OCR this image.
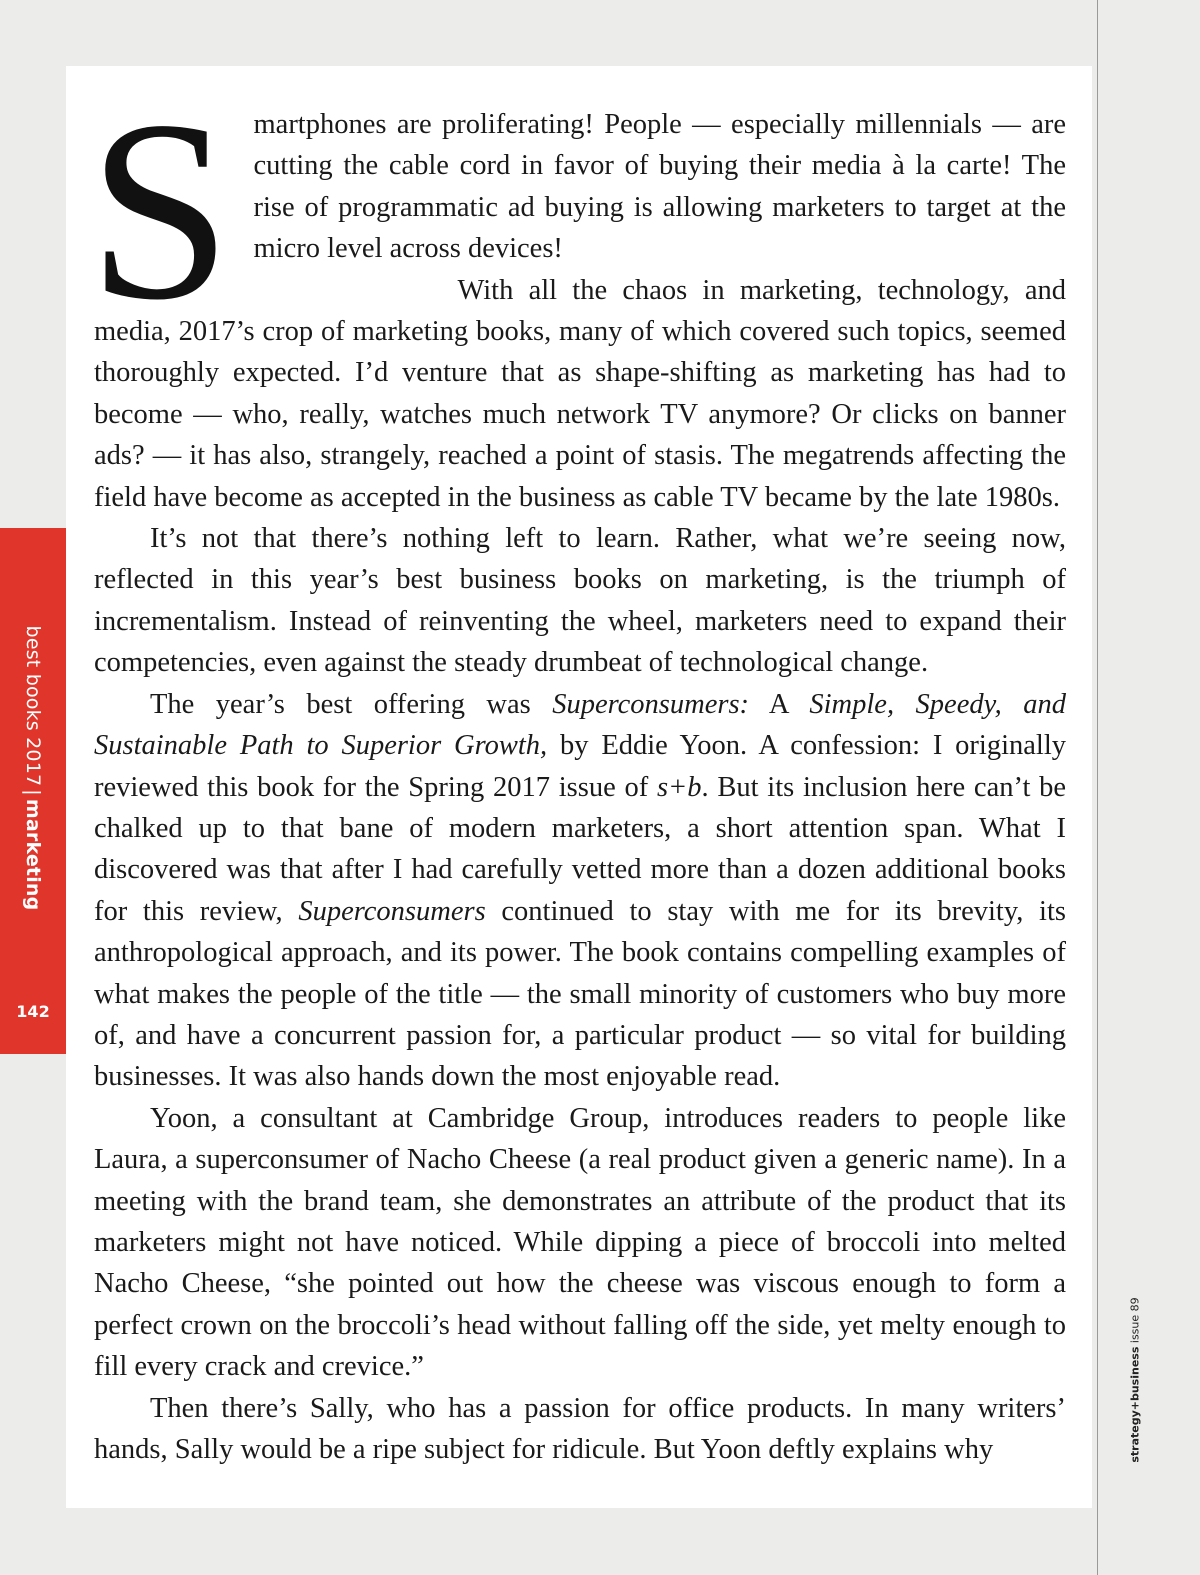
best books 2017|marketing
142
strategy+business issue 89

Smartphones are proliferating! People — especially millennials — are cutting the cable cord in favor of buying their media à la carte! The rise of programmatic ad buying is allowing marketers to target at the micro level across devices!

With all the chaos in marketing, technology, and media, 2017’s crop of marketing books, many of which covered such topics, seemed thoroughly expected. I’d venture that as shape-shifting as marketing has had to become — who, really, watches much network TV anymore? Or clicks on banner ads? — it has also, strangely, reached a point of stasis. The megatrends affecting the field have become as accepted in the business as cable TV became by the late 1980s.

It’s not that there’s nothing left to learn. Rather, what we’re seeing now, reflected in this year’s best business books on marketing, is the triumph of incrementalism. Instead of reinventing the wheel, marketers need to expand their competencies, even against the steady drumbeat of technological change.

The year’s best offering was Superconsumers: A Simple, Speedy, and Sustainable Path to Superior Growth, by Eddie Yoon. A confession: I originally reviewed this book for the Spring 2017 issue of s+b. But its inclusion here can’t be chalked up to that bane of modern marketers, a short attention span. What I discovered was that after I had carefully vetted more than a dozen additional books for this review, Superconsumers continued to stay with me for its brevity, its anthropological approach, and its power. The book contains compelling examples of what makes the people of the title — the small minority of customers who buy more of, and have a concurrent passion for, a particular product — so vital for building businesses. It was also hands down the most enjoyable read.

Yoon, a consultant at Cambridge Group, introduces readers to people like Laura, a superconsumer of Nacho Cheese (a real product given a generic name). In a meeting with the brand team, she demonstrates an attribute of the product that its marketers might not have noticed. While dipping a piece of broccoli into melted Nacho Cheese, “she pointed out how the cheese was viscous enough to form a perfect crown on the broccoli’s head without falling off the side, yet melty enough to fill every crack and crevice.”

Then there’s Sally, who has a passion for office products. In many writers’ hands, Sally would be a ripe subject for ridicule. But Yoon deftly explains why
